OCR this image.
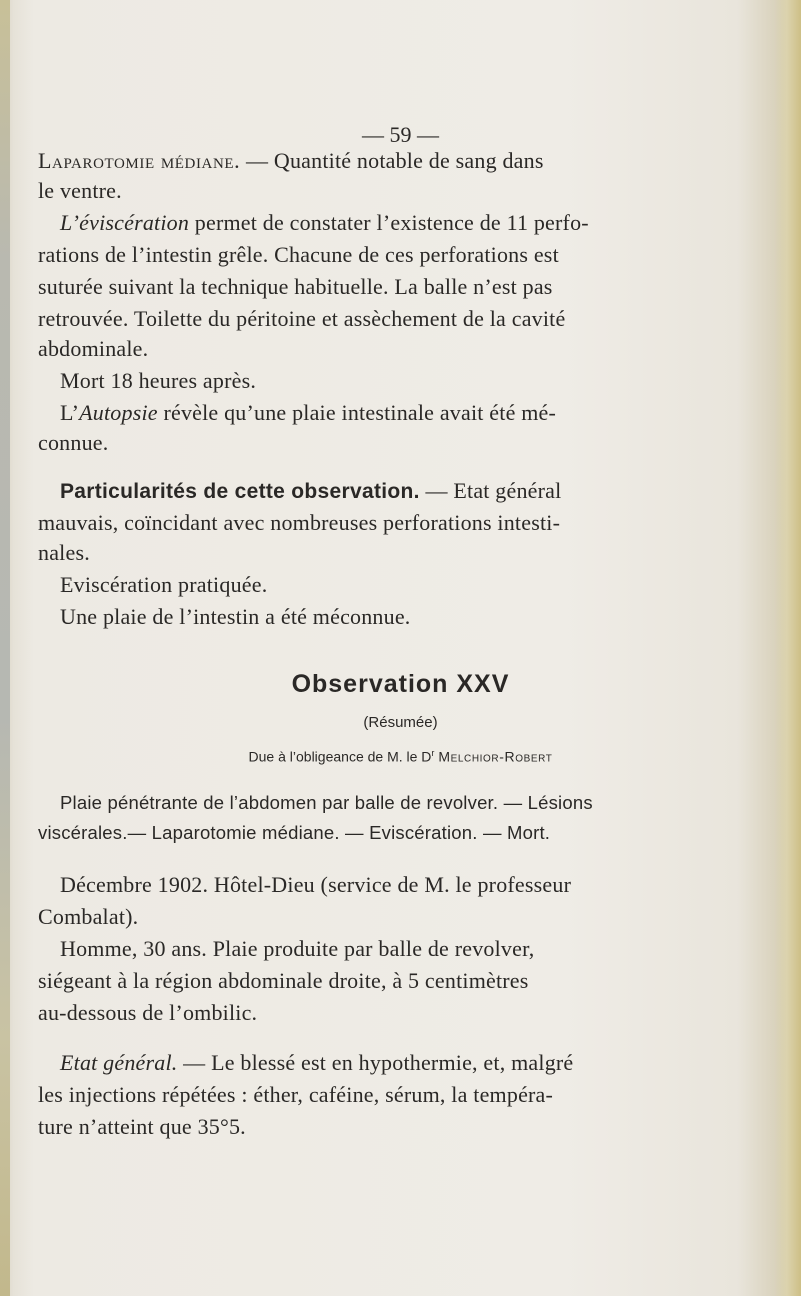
— 59 —
Laparotomie médiane. — Quantité notable de sang dans
le ventre.
L’éviscération permet de constater l’existence de 11 perfo-
rations de l’intestin grêle. Chacune de ces perforations est
suturée suivant la technique habituelle. La balle n’est pas
retrouvée. Toilette du péritoine et assèchement de la cavité
abdominale.
Mort 18 heures après.
L’Autopsie révèle qu’une plaie intestinale avait été mé-
connue.
Particularités de cette observation. — Etat général
mauvais, coïncidant avec nombreuses perforations intesti-
nales.
Eviscération pratiquée.
Une plaie de l’intestin a été méconnue.
Observation XXV
(Résumée)
Due à l’obligeance de M. le $D^r$ Melchior-Robert
Plaie pénétrante de l’abdomen par balle de revolver. — Lésions
viscérales.— Laparotomie médiane. — Eviscération. — Mort.
Décembre 1902. Hôtel-Dieu (service de M. le professeur
Combalat).
Homme, 30 ans. Plaie produite par balle de revolver,
siégeant à la région abdominale droite, à 5 centimètres
au-dessous de l’ombilic.
Etat général. — Le blessé est en hypothermie, et, malgré
les injections répétées : éther, caféine, sérum, la tempéra-
ture n’atteint que 35°5.
